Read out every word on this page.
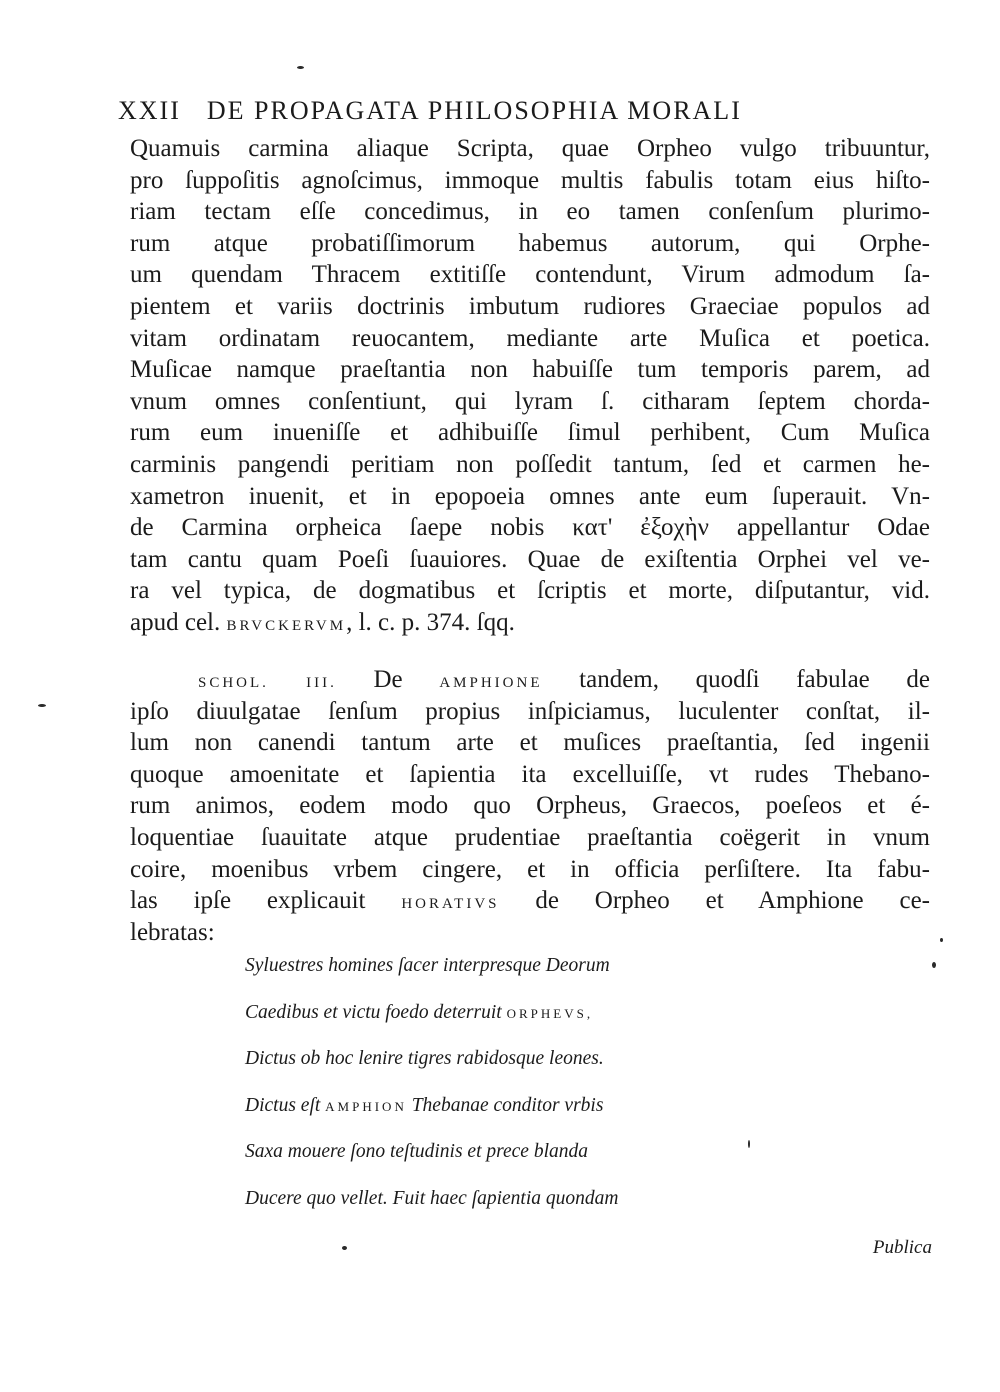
XXII DE PROPAGATA PHILOSOPHIA MORALI
Quamuis carmina aliaque Scripta, quae Orpheo vulgo tribuuntur,
pro ſuppoſitis agnoſcimus, immoque multis fabulis totam eius hiſto-
riam tectam eſſe concedimus, in eo tamen conſenſum plurimo-
rum atque probatiſſimorum habemus autorum, qui Orphe-
um quendam Thracem extitiſſe contendunt, Virum admodum ſa-
pientem et variis doctrinis imbutum rudiores Graeciae populos ad
vitam ordinatam reuocantem, mediante arte Muſica et poetica.
Muſicae namque praeſtantia non habuiſſe tum temporis parem, ad
vnum omnes conſentiunt, qui lyram ſ. citharam ſeptem chorda-
rum eum inueniſſe et adhibuiſſe ſimul perhibent, Cum Muſica
carminis pangendi peritiam non poſſedit tantum, ſed et carmen he-
xametron inuenit, et in epopoeia omnes ante eum ſuperauit. Vn-
de Carmina orpheica ſaepe nobis κατ' ἐξοχὴν appellantur Odae
tam cantu quam Poeſi ſuauiores. Quae de exiſtentia Orphei vel ve-
ra vel typica, de dogmatibus et ſcriptis et morte, diſputantur, vid.
apud cel. BRVCKERVM, l. c. p. 374. ſqq.
SCHOL. III. De AMPHIONE tandem, quodſi fabulae de
ipſo diuulgatae ſenſum propius inſpiciamus, luculenter conſtat, il-
lum non canendi tantum arte et muſices praeſtantia, ſed ingenii
quoque amoenitate et ſapientia ita excelluiſſe, vt rudes Thebano-
rum animos, eodem modo quo Orpheus, Graecos, poeſeos et é-
loquentiae ſuauitate atque prudentiae praeſtantia coëgerit in vnum
coire, moenibus vrbem cingere, et in officia perſiſtere. Ita fabu-
las ipſe explicauit HORATIVS de Orpheo et Amphione ce-
lebratas:
Syluestres homines ſacer interpresque Deorum
Caedibus et victu foedo deterruit ORPHEVS,
Dictus ob hoc lenire tigres rabidosque leones.
Dictus eſt AMPHION Thebanae conditor vrbis
Saxa mouere ſono teſtudinis et prece blanda
Ducere quo vellet. Fuit haec ſapientia quondam
Publica
